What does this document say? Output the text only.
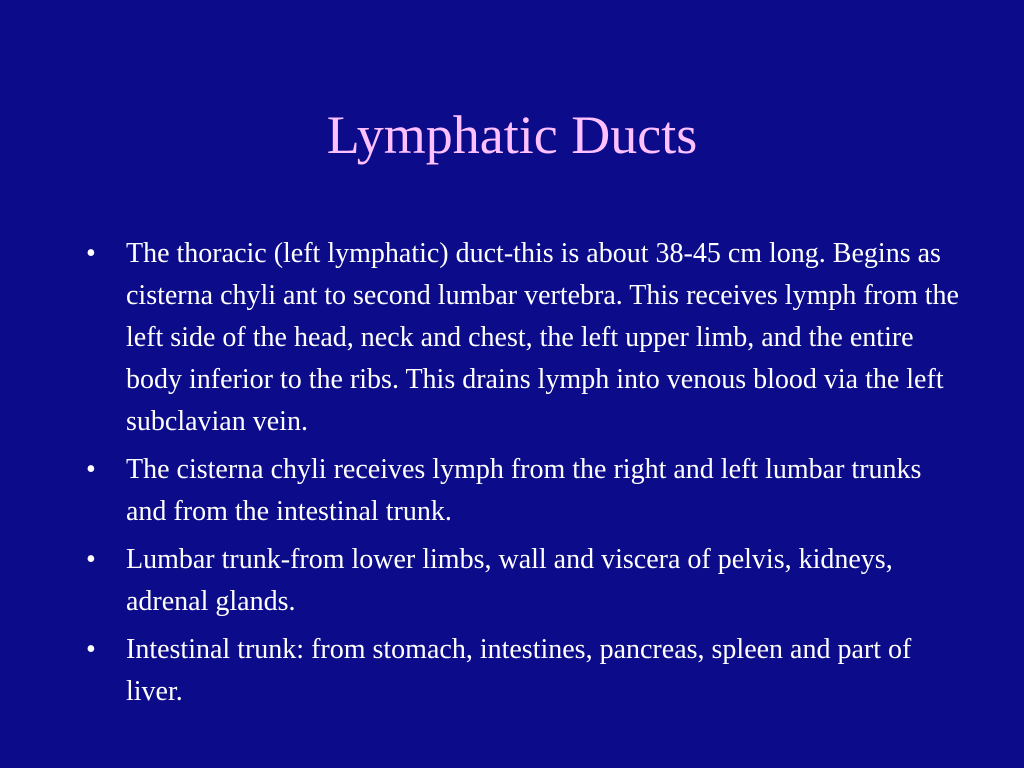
Lymphatic Ducts
• The thoracic (left lymphatic) duct-this is about 38-45 cm long. Begins as cisterna chyli ant to second lumbar vertebra. This receives lymph from the left side of the head, neck and chest, the left upper limb, and the entire body inferior to the ribs. This drains lymph into venous blood via the left subclavian vein.
• The cisterna chyli receives lymph from the right and left lumbar trunks and from the intestinal trunk.
• Lumbar trunk-from lower limbs, wall and viscera of pelvis, kidneys, adrenal glands.
• Intestinal trunk: from stomach, intestines, pancreas, spleen and part of liver.
